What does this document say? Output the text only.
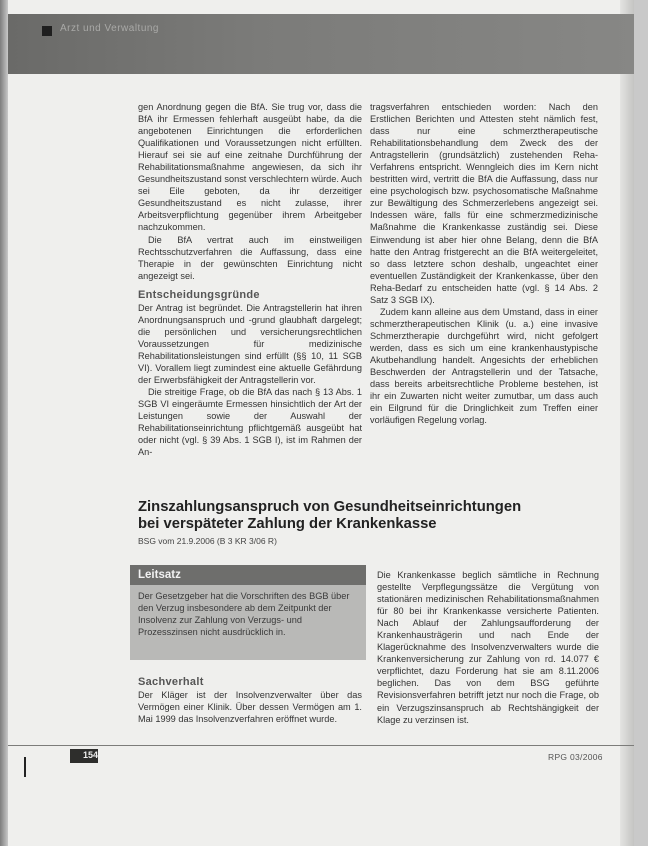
Arzt und Verwaltung

gen Anordnung gegen die BfA. Sie trug vor, dass die BfA ihr Ermessen fehlerhaft ausgeübt habe, da die angebotenen Einrichtungen die erforderlichen Qualifikationen und Voraussetzungen nicht erfüllten. Hierauf sei sie auf eine zeitnahe Durchführung der Rehabilitationsmaßnahme angewiesen, da sich ihr Gesundheitszustand sonst verschlechtern würde. Auch sei Eile geboten, da ihr derzeitiger Gesundheitszustand es nicht zulasse, ihrer Arbeitsverpflichtung gegenüber ihrem Arbeitgeber nachzukommen.

Die BfA vertrat auch im einstweiligen Rechtsschutzverfahren die Auffassung, dass eine Therapie in der gewünschten Einrichtung nicht angezeigt sei.

Entscheidungsgründe

Der Antrag ist begründet. Die Antragstellerin hat ihren Anordnungsanspruch und -grund glaubhaft dargelegt; die persönlichen und versicherungsrechtlichen Voraussetzungen für medizinische Rehabilitationsleistungen sind erfüllt (§§ 10, 11 SGB VI). Vorallem liegt zumindest eine aktuelle Gefährdung der Erwerbsfähigkeit der Antragstellerin vor.

Die streitige Frage, ob die BfA das nach § 13 Abs. 1 SGB VI eingeräumte Ermessen hinsichtlich der Art der Leistungen sowie der Auswahl der Rehabilitationseinrichtung pflichtgemäß ausgeübt hat oder nicht (vgl. § 39 Abs. 1 SGB I), ist im Rahmen der An-

tragsverfahren entschieden worden: Nach den Erstlichen Berichten und Attesten steht nämlich fest, dass nur eine schmerztherapeutische Rehabilitationsbehandlung dem Zweck des der Antragstellerin (grundsätzlich) zustehenden Reha-Verfahrens entspricht. Wenngleich dies im Kern nicht bestritten wird, vertritt die BfA die Auffassung, dass nur eine psychologisch bzw. psychosomatische Maßnahme zur Bewältigung des Schmerzerlebens angezeigt sei. Indessen wäre, falls für eine schmerzmedizinische Maßnahme die Krankenkasse zuständig sei. Diese Einwendung ist aber hier ohne Belang, denn die BfA hatte den Antrag fristgerecht an die BfA weitergeleitet, so dass letztere schon deshalb, ungeachtet einer eventuellen Zuständigkeit der Krankenkasse, über den Reha-Bedarf zu entscheiden hatte (vgl. § 14 Abs. 2 Satz 3 SGB IX).

Zudem kann alleine aus dem Umstand, dass in einer schmerztherapeutischen Klinik (u. a.) eine invasive Schmerztherapie durchgeführt wird, nicht gefolgert werden, dass es sich um eine krankenhaustypische Akutbehandlung handelt. Angesichts der erheblichen Beschwerden der Antragstellerin und der Tatsache, dass bereits arbeitsrechtliche Probleme bestehen, ist ihr ein Zuwarten nicht weiter zumutbar, um dass auch ein Eilgrund für die Dringlichkeit zum Treffen einer vorläufigen Regelung vorlag.

Zinszahlungsanspruch von Gesundheitseinrichtungen
bei verspäteter Zahlung der Krankenkasse
BSG vom 21.9.2006 (B 3 KR 3/06 R)
Leitsatz
Der Gesetzgeber hat die Vorschriften des BGB über den Verzug insbesondere ab dem Zeitpunkt der Insolvenz zur Zahlung von Verzugs- und Prozesszinsen nicht ausdrücklich in.
Sachverhalt

Der Kläger ist der Insolvenzverwalter über das Vermögen einer Klinik. Über dessen Vermögen am 1. Mai 1999 das Insolvenzverfahren eröffnet wurde.

Die Krankenkasse beglich sämtliche in Rechnung gestellte Verpflegungssätze die Vergütung von stationären medizinischen Rehabilitationsmaßnahmen für 80 bei ihr Krankenkasse versicherte Patienten. Nach Ablauf der Zahlungsaufforderung der Krankenhausträgerin und nach Ende der Klagerücknahme des Insolvenzverwalters wurde die Krankenversicherung zur Zahlung von rd. 14.077 € verpflichtet, dazu Forderung hat sie am 8.11.2006 beglichen. Das von dem BSG geführte Revisionsverfahren betrifft jetzt nur noch die Frage, ob ein Verzugszinsanspruch ab Rechtshängigkeit der Klage zu verzinsen ist.

154	RPG 03/2006
